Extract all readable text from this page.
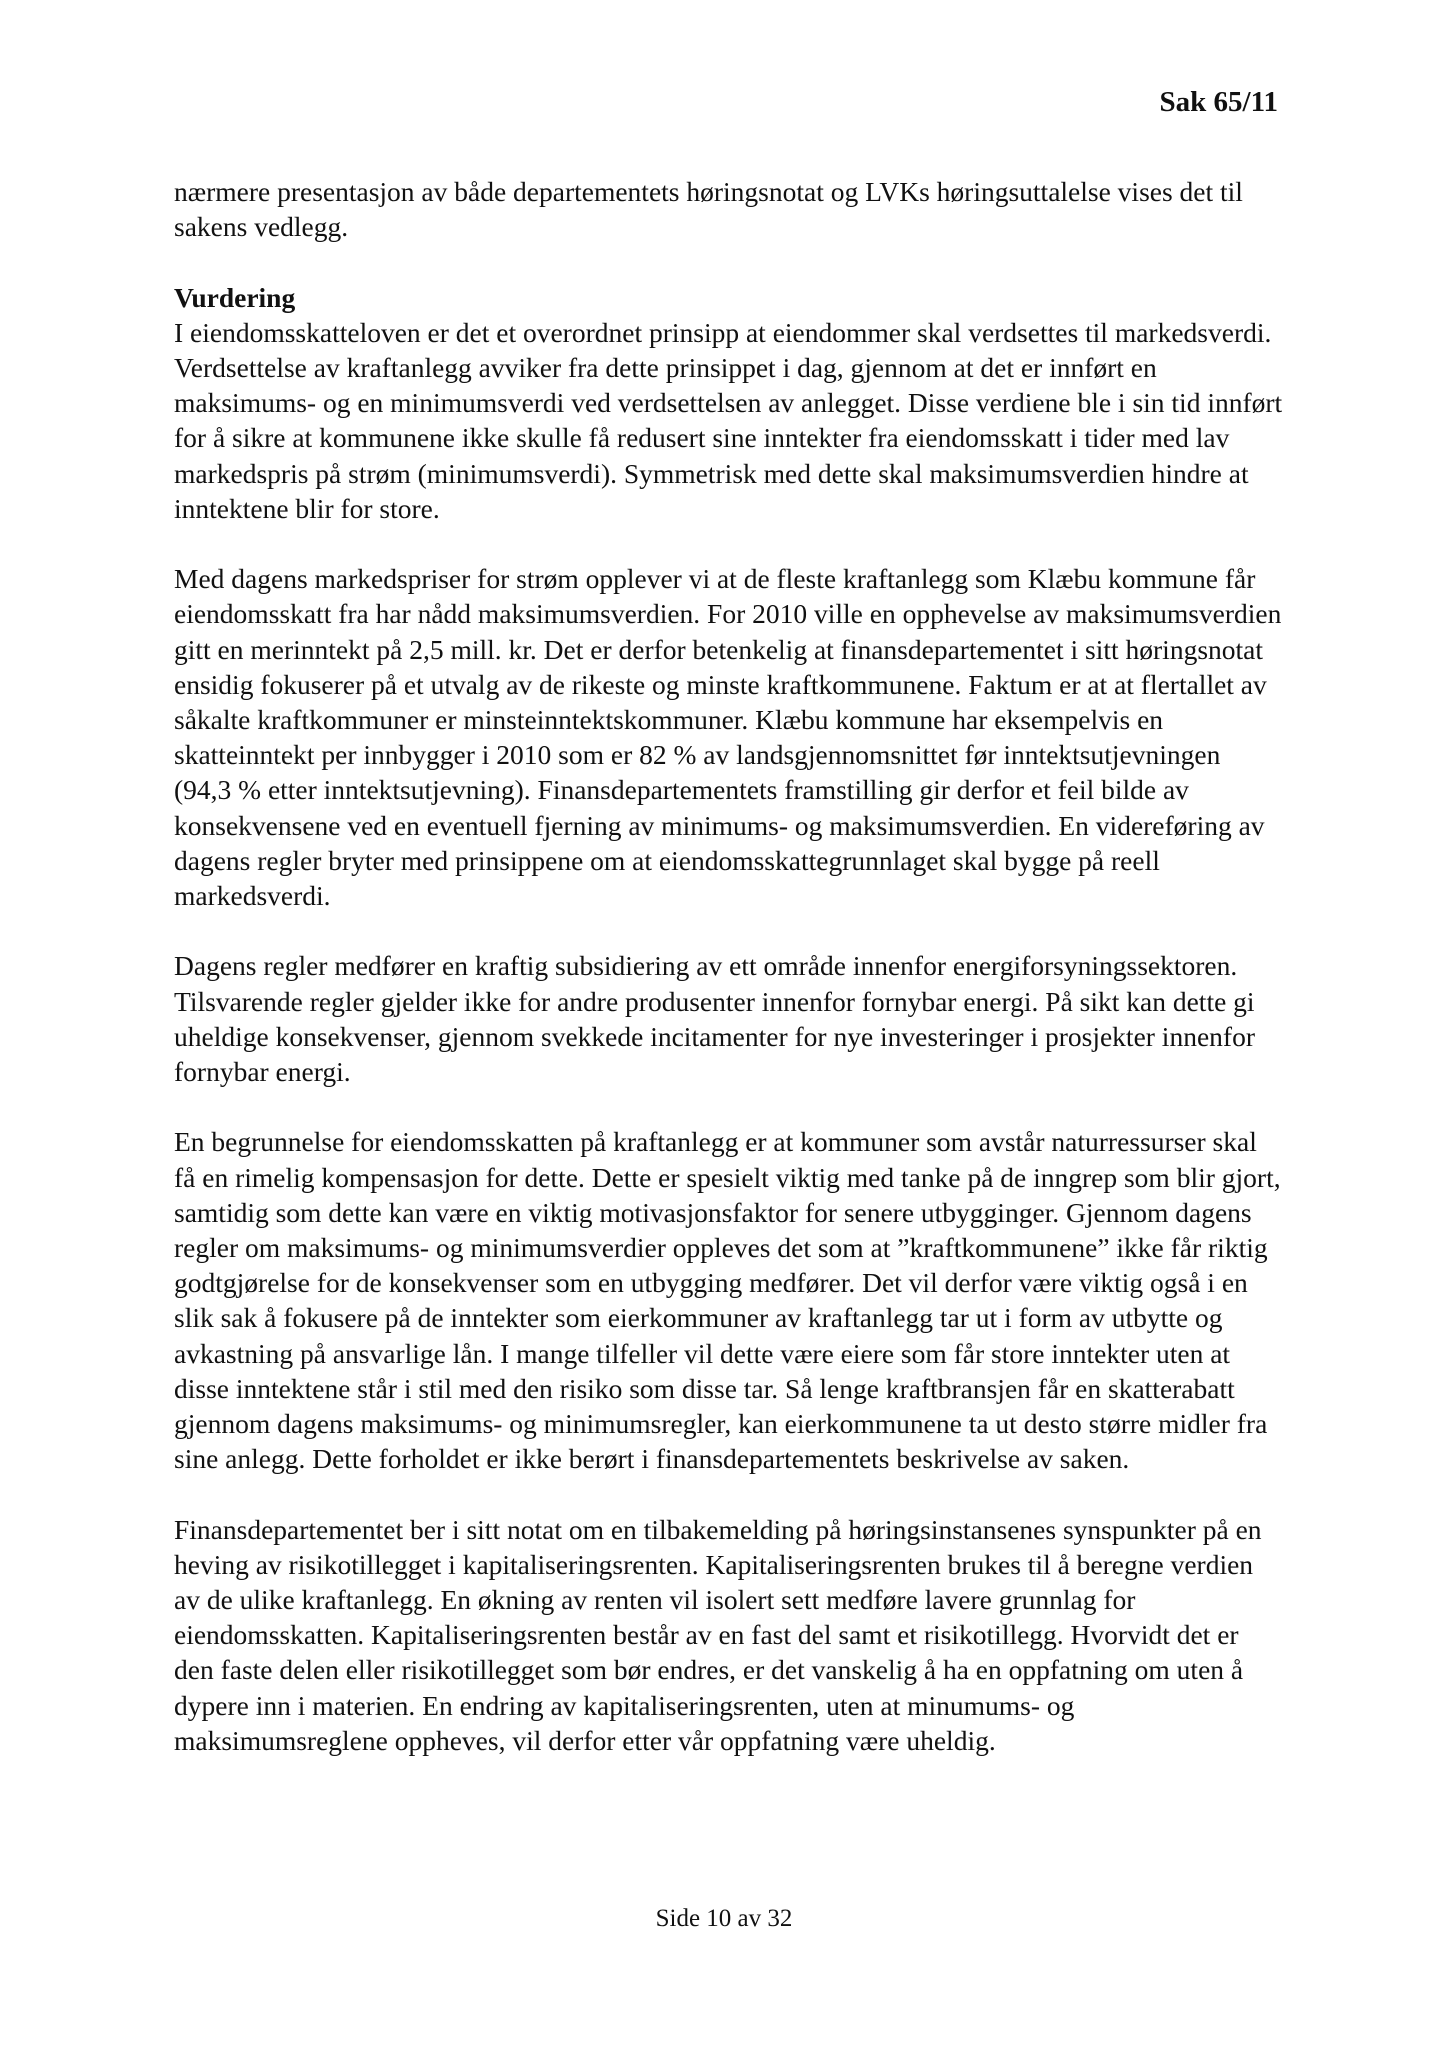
Sak 65/11

nærmere presentasjon av både departementets høringsnotat og LVKs høringsuttalelse vises det til sakens vedlegg.

Vurdering

I eiendomsskatteloven er det et overordnet prinsipp at eiendommer skal verdsettes til markedsverdi. Verdsettelse av kraftanlegg avviker fra dette prinsippet i dag, gjennom at det er innført en maksimums- og en minimumsverdi ved verdsettelsen av anlegget. Disse verdiene ble i sin tid innført for å sikre at kommunene ikke skulle få redusert sine inntekter fra eiendomsskatt i tider med lav markedspris på strøm (minimumsverdi). Symmetrisk med dette skal maksimumsverdien hindre at inntektene blir for store.

Med dagens markedspriser for strøm opplever vi at de fleste kraftanlegg som Klæbu kommune får eiendomsskatt fra har nådd maksimumsverdien. For 2010 ville en opphevelse av maksimumsverdien gitt en merinntekt på 2,5 mill. kr. Det er derfor betenkelig at finansdepartementet i sitt høringsnotat ensidig fokuserer på et utvalg av de rikeste og minste kraftkommunene. Faktum er at at flertallet av såkalte kraftkommuner er minsteinntektskommuner. Klæbu kommune har eksempelvis en skatteinntekt per innbygger i 2010 som er 82 % av landsgjennomsnittet før inntektsutjevningen (94,3 % etter inntektsutjevning). Finansdepartementets framstilling gir derfor et feil bilde av konsekvensene ved en eventuell fjerning av minimums- og maksimumsverdien. En videreføring av dagens regler bryter med prinsippene om at eiendomsskattegrunnlaget skal bygge på reell markedsverdi.

Dagens regler medfører en kraftig subsidiering av ett område innenfor energiforsyningssektoren. Tilsvarende regler gjelder ikke for andre produsenter innenfor fornybar energi. På sikt kan dette gi uheldige konsekvenser, gjennom svekkede incitamenter for nye investeringer i prosjekter innenfor fornybar energi.

En begrunnelse for eiendomsskatten på kraftanlegg er at kommuner som avstår naturressurser skal få en rimelig kompensasjon for dette. Dette er spesielt viktig med tanke på de inngrep som blir gjort, samtidig som dette kan være en viktig motivasjonsfaktor for senere utbygginger. Gjennom dagens regler om maksimums- og minimumsverdier oppleves det som at ”kraftkommunene” ikke får riktig godtgjørelse for de konsekvenser som en utbygging medfører. Det vil derfor være viktig også i en slik sak å fokusere på de inntekter som eierkommuner av kraftanlegg tar ut i form av utbytte og avkastning på ansvarlige lån. I mange tilfeller vil dette være eiere som får store inntekter uten at disse inntektene står i stil med den risiko som disse tar. Så lenge kraftbransjen får en skatterabatt gjennom dagens maksimums- og minimumsregler, kan eierkommunene ta ut desto større midler fra sine anlegg. Dette forholdet er ikke berørt i finansdepartementets beskrivelse av saken.

Finansdepartementet ber i sitt notat om en tilbakemelding på høringsinstansenes synspunkter på en heving av risikotillegget i kapitaliseringsrenten. Kapitaliseringsrenten brukes til å beregne verdien av de ulike kraftanlegg. En økning av renten vil isolert sett medføre lavere grunnlag for eiendomsskatten. Kapitaliseringsrenten består av en fast del samt et risikotillegg. Hvorvidt det er den faste delen eller risikotillegget som bør endres, er det vanskelig å ha en oppfatning om uten å dypere inn i materien. En endring av kapitaliseringsrenten, uten at minumums- og maksimumsreglene oppheves, vil derfor etter vår oppfatning være uheldig.

Side 10 av 32
